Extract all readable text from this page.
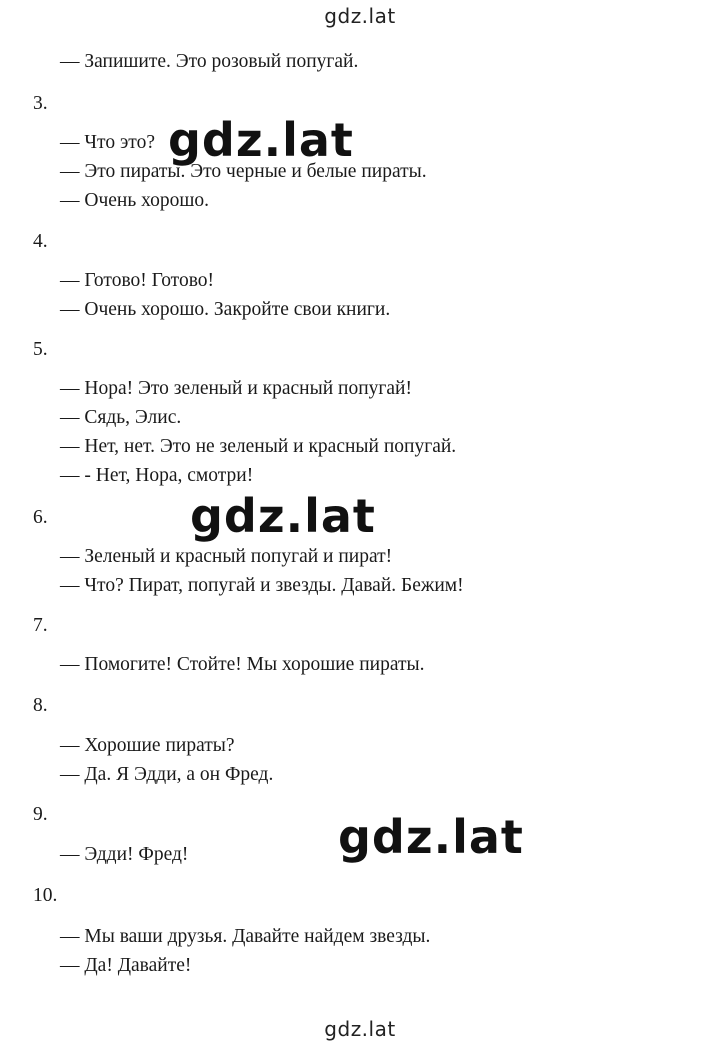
gdz.lat
— Запишите. Это розовый попугай.
3.
— Что это?
— Это пираты. Это черные и белые пираты.
— Очень хорошо.
4.
— Готово! Готово!
— Очень хорошо. Закройте свои книги.
5.
— Нора! Это зеленый и красный попугай!
— Сядь, Элис.
— Нет, нет. Это не зеленый и красный попугай.
— - Нет, Нора, смотри!
6.
— Зеленый и красный попугай и пират!
— Что? Пират, попугай и звезды. Давай. Бежим!
7.
— Помогите! Стойте! Мы хорошие пираты.
8.
— Хорошие пираты?
— Да. Я Эдди, а он Фред.
9.
— Эдди! Фред!
10.
— Мы ваши друзья. Давайте найдем звезды.
— Да! Давайте!
gdz.lat
gdz.lat
gdz.lat
gdz.lat
